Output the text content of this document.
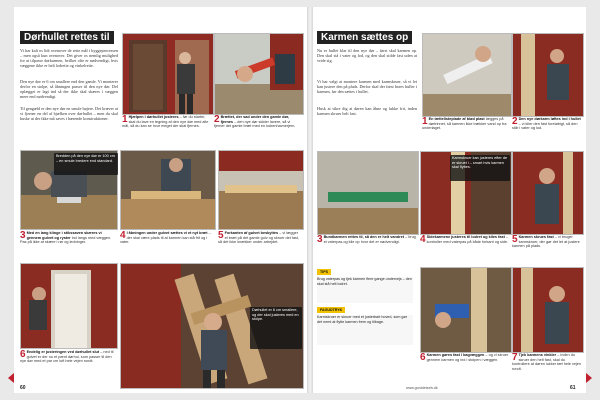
Dørhullet rettes til

Vi har kalt os lidt ovenover de rette mål i byggeprocessen – men også kun ovenover. Det giver os nemlig mulighed for at tilpasse dørkarmen, hvilket ofte er nødvendigt, hvis væggene ikke er helt lodrette og vinkelrette.

Den nye dør er 6 cm smallere end den gamle. Vi monterer derfor en stolpe, så åbningen passer til den nye dør. Del oplægget er lagt ind så der ikke skal skæres i væggen mere end nødvendigt.

Til gengæld er den nye dør en smule højere. Det kræver at vi fjerner en del af bjælken over dørhullet – men du skal huske at der ikke må saves i bærende konstruktioner.	1 Hjælpen i dørhullet justeres – før du starter, skal du lave en tegning af den nye dør med alle mål, så du kan se hvor meget der skal fjernes.
2 Brættet, der sad under den gamle dør, fjernes – den nye dør sidder lavere, så vi fjerner det gamle bræt med en kobenhavnerjern.
Bredden på den nye dør er 100 cm – en smule bredere end standard.
3 Med en lang klinge i stikssaven skæres vi gennem gulvet og ryster ind langs med væggen. Pas på ikke at skære i rør og ledninger.
4 I åbningen under gulvet sættes vi et nyt bræt – der skal være plads til at karmen kan stå frit og i vater.
5 Forkanten af gulvet beskyttes – vi lægger et bræt på det gamle gulv og skruer det fast, så det ikke knækker under arbejdet.
Dørhullet er 6 cm smallere, og der skal justeres med en stolpe.
6 Endelig er justeringen ved dørhullet slut – ned til gulvet er der nu et pænt dørhul, som passer til den nye dør med et par cm luft hele vejen rundt.
60
Karmen sættes op

Nu er hullet klar til den nye dør – først skal karmen op. Den skal stå i vater og lod, og den skal sidde fast uden at vride sig.

Vi har valgt at montere karmen med karmskruer, så vi let kan justere den på plads. Derfor skal der først bores huller i karmen, før den sættes i hullet.

Husk at sikre dig at døren kan åbne og lukke frit, inden karmen skrues helt fast.

1 En tættelisteplade af blød plast lægges på dørtrinnet, så karmen ikke trækker vand op fra underlaget.
2 Den nye dørkarm løftes ind i hullet – vi kiler den fast foreløbigt, så den står i vater og lod.
Karmskruer kan justeres efter de er skruet i – smart hvis karmen skal flyttes.
3 Bundkarmen rettes til, så den er helt vandret – brug et vaterpas og kile op hvor det er nødvendigt.	4 Sidekarmene justeres til lodret og kiles fast – kontroller med vaterpas på både forkant og side. 5 Karmen skrues fast – vi bruger karmskruer, der gør det let at justere karmen på plads.
TIPS
Brug vaterpas og tjek karmen flere gange undervejs – den skal stå helt lodret.
FAGUDTRYK
Karmskruer er skruer med et justerbart hoved, som gør det nemt at flytte karmen frem og tilbage.
6 Karmen gøres fast i bagvæggen – og vi skruer gennem karmen og ind i stolpen i væggen.	7 Tjek karmens vinkler – inden du skruer den helt fast, skal du kontrollere at døren lukker tæt hele vejen rundt.
www.gorddetselv.dk	61
